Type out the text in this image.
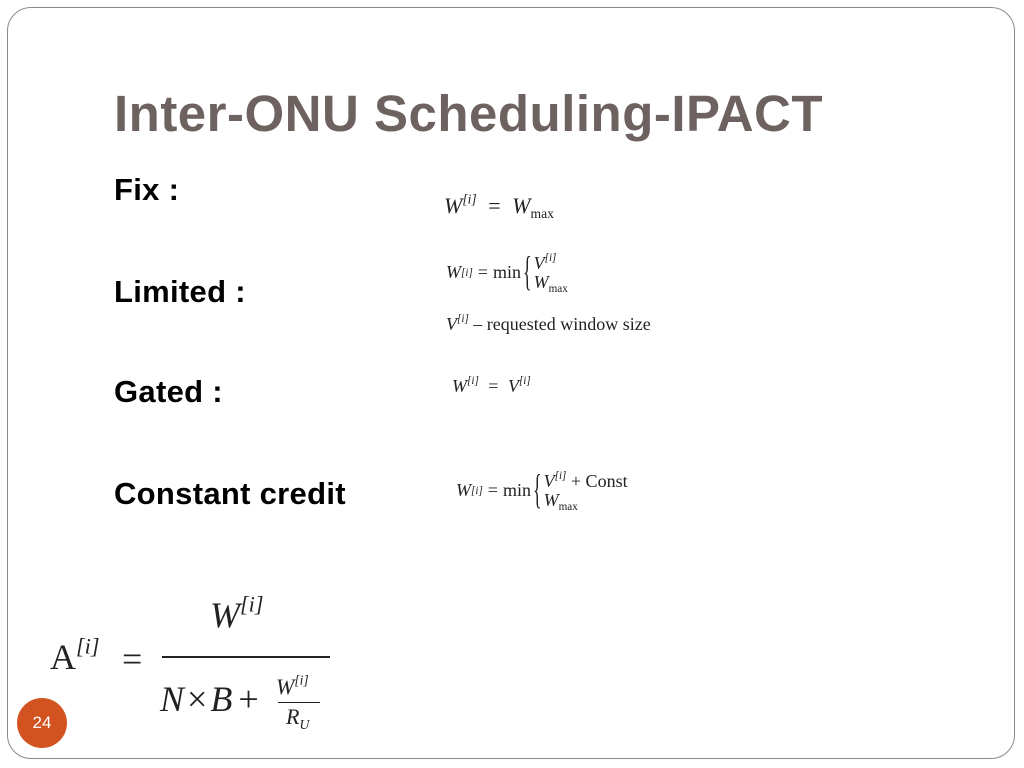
Inter-ONU Scheduling-IPACT
Fix :	$W[i] = W_{max}$
Limited :
W [i] = min { V[i]
$W_{max}$
V[i] – requested window size
Gated :	W[i] = V[i]
Constant credit	W [i] = min { V[i] + Const
$W_{max}$
A[i] =
W[i]
N×B + W[i]
$R_U$
24
